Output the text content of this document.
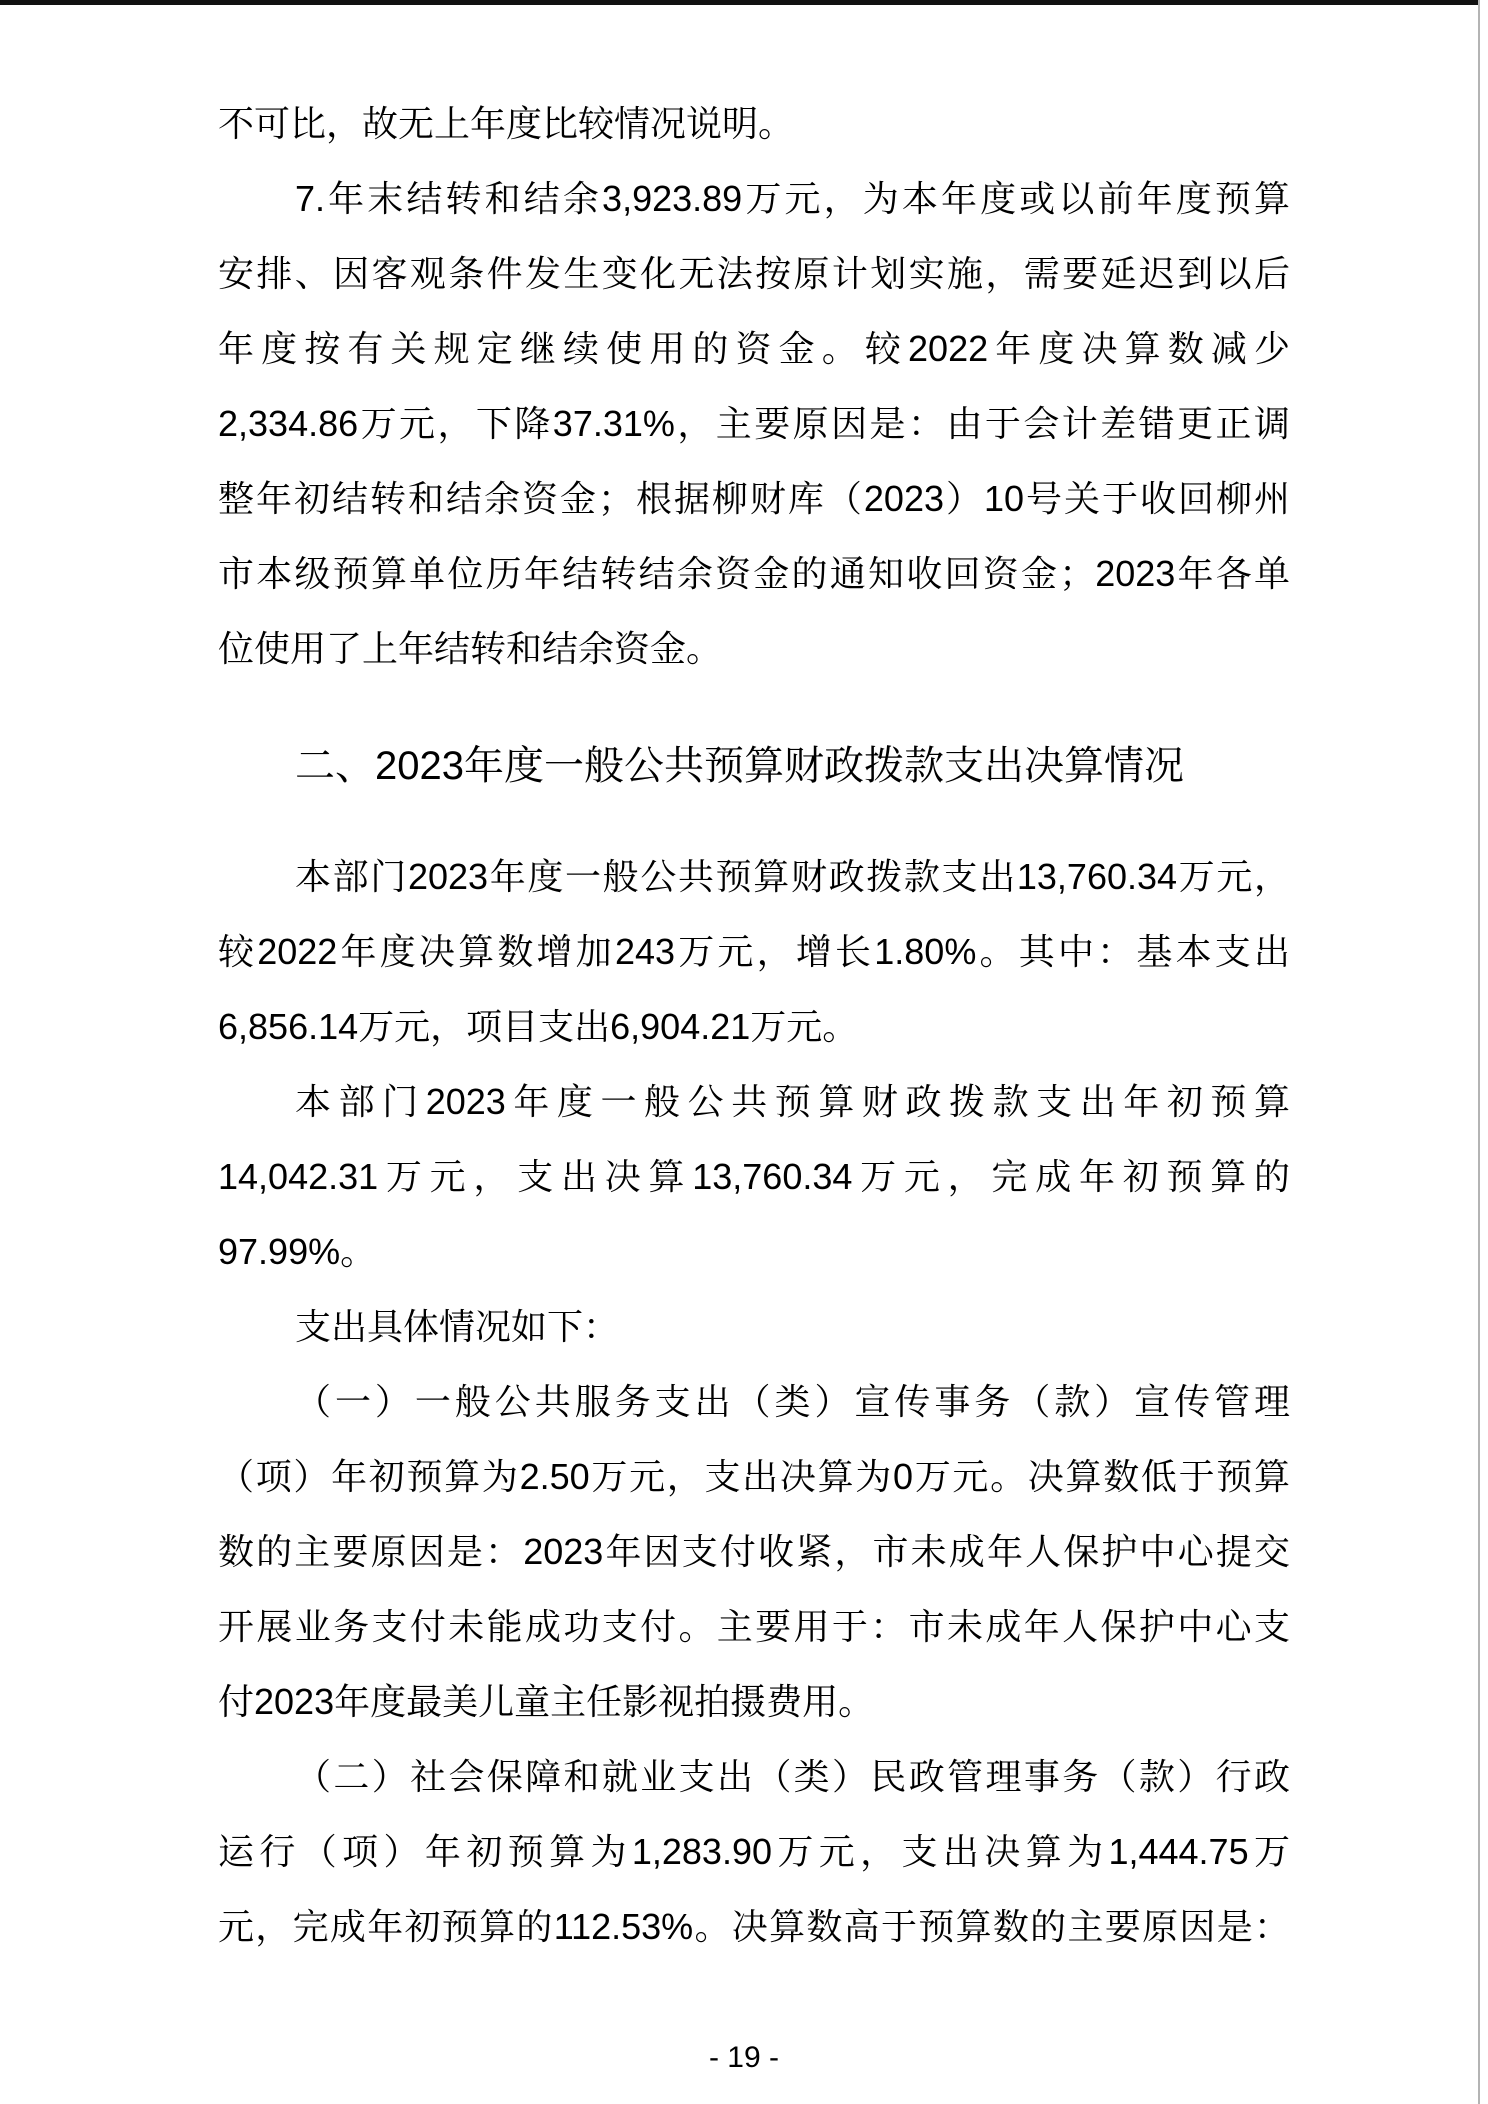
不可比，故无上年度比较情况说明。
7.年末结转和结余3,923.89万元，为本年度或以前年度预算
安排、因客观条件发生变化无法按原计划实施，需要延迟到以后
年度按有关规定继续使用的资金。较2022年度决算数减少
2,334.86万元，下降37.31%，主要原因是：由于会计差错更正调
整年初结转和结余资金；根据柳财库（2023）10号关于收回柳州
市本级预算单位历年结转结余资金的通知收回资金；2023年各单
位使用了上年结转和结余资金。
二、2023年度一般公共预算财政拨款支出决算情况
本部门2023年度一般公共预算财政拨款支出13,760.34万元，
较2022年度决算数增加243万元，增长1.80%。其中：基本支出
6,856.14万元，项目支出6,904.21万元。
本部门2023年度一般公共预算财政拨款支出年初预算
14,042.31万元，支出决算13,760.34万元，完成年初预算的
97.99%。
支出具体情况如下：
（一）一般公共服务支出（类）宣传事务（款）宣传管理
（项）年初预算为2.50万元，支出决算为0万元。决算数低于预算
数的主要原因是：2023年因支付收紧，市未成年人保护中心提交
开展业务支付未能成功支付。主要用于：市未成年人保护中心支
付2023年度最美儿童主任影视拍摄费用。
（二）社会保障和就业支出（类）民政管理事务（款）行政
运行（项）年初预算为1,283.90万元，支出决算为1,444.75万
元，完成年初预算的112.53%。决算数高于预算数的主要原因是：
- 19 -
